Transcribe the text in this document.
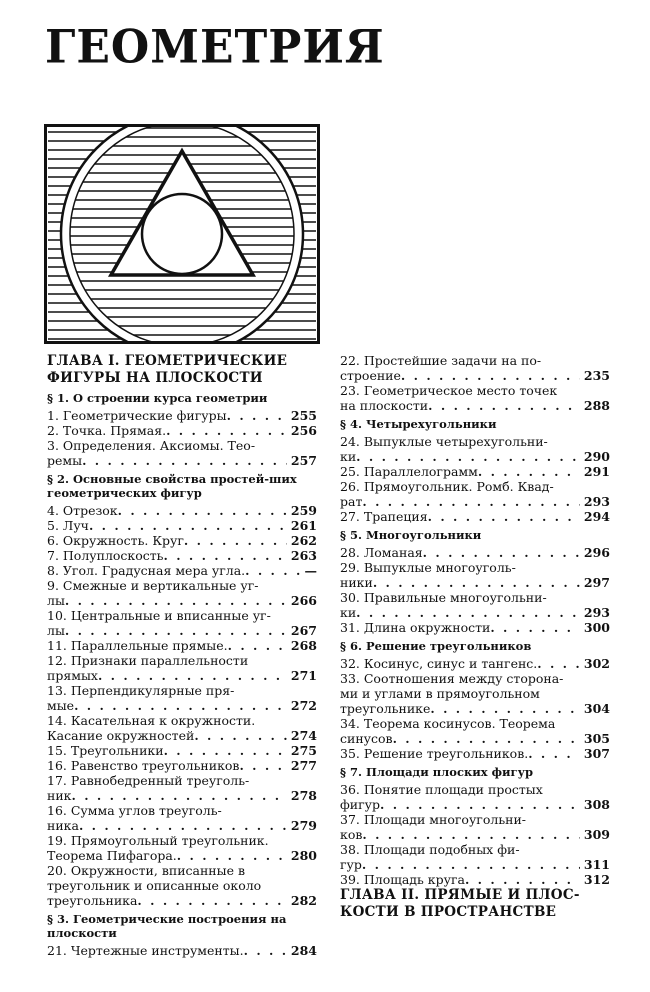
ГЕОМЕТРИЯ
ГЛАВА I. ГЕОМЕТРИЧЕСКИЕ
ФИГУРЫ НА ПЛОСКОСТИ
§ 1. О строении курса геометрии
1. Геометрические фигуры . . .	255
2. Точка. Прямая. . . .	256
3. Определения. Аксиомы. Тео-
ремы . . .	257
§ 2. Основные свойства простей-ших геометрических фигур
4. Отрезок . . .	259
5. Луч . . .	261
6. Окружность. Круг . . .	262
7. Полуплоскость . . .	263
8. Угол. Градусная мера угла. . . .	—
9. Смежные и вертикальные уг-
лы . . .	266
10. Центральные и вписанные уг-
лы . . .	267
11. Параллельные прямые. . . .	268
12. Признаки параллельности
прямых . . .	271
13. Перпендикулярные пря-
мые . . .	272
14. Касательная к окружности.
Касание окружностей . . .	274
15. Треугольники . . .	275
16. Равенство треугольников . . .	277
17. Равнобедренный треуголь-
ник . . .	278
16. Сумма углов треуголь-
ника . . .	279
19. Прямоугольный треугольник.
Теорема Пифагора. . . .	280
20. Окружности, вписанные в
треугольник и описанные около
треугольника . . .	282
§ 3. Геометрические построения на плоскости
21. Чертежные инструменты. . . .	284
22. Простейшие задачи на по-
строение . . .	235
23. Геометрическое место точек
на плоскости . . .	288
§ 4. Четырехугольники
24. Выпуклые четырехугольни-
ки . . .	290
25. Параллелограмм . . .	291
26. Прямоугольник. Ромб. Квад-
рат . . .	293
27. Трапеция . . .	294
§ 5. Многоугольники
28. Ломаная . . .	296
29. Выпуклые многоуголь-
ники . . .	297
30. Правильные многоугольни-
ки . . .	293
31. Длина окружности . . .	300
§ 6. Решение треугольников
32. Косинус, синус и тангенс. . . .	302
33. Соотношения между сторона-
ми и углами в прямоугольном
треугольнике . . .	304
34. Теорема косинусов. Теорема
синусов . . .	305
35. Решение треугольников. . . .	307
§ 7. Площади плоских фигур
36. Понятие площади простых
фигур . . .	308
37. Площади многоугольни-
ков . . .	309
38. Площади подобных фи-
гур . . .	311
39. Площадь круга . . .	312
ГЛАВА II. ПРЯМЫЕ И ПЛОС-
КОСТИ В ПРОСТРАНСТВЕ
